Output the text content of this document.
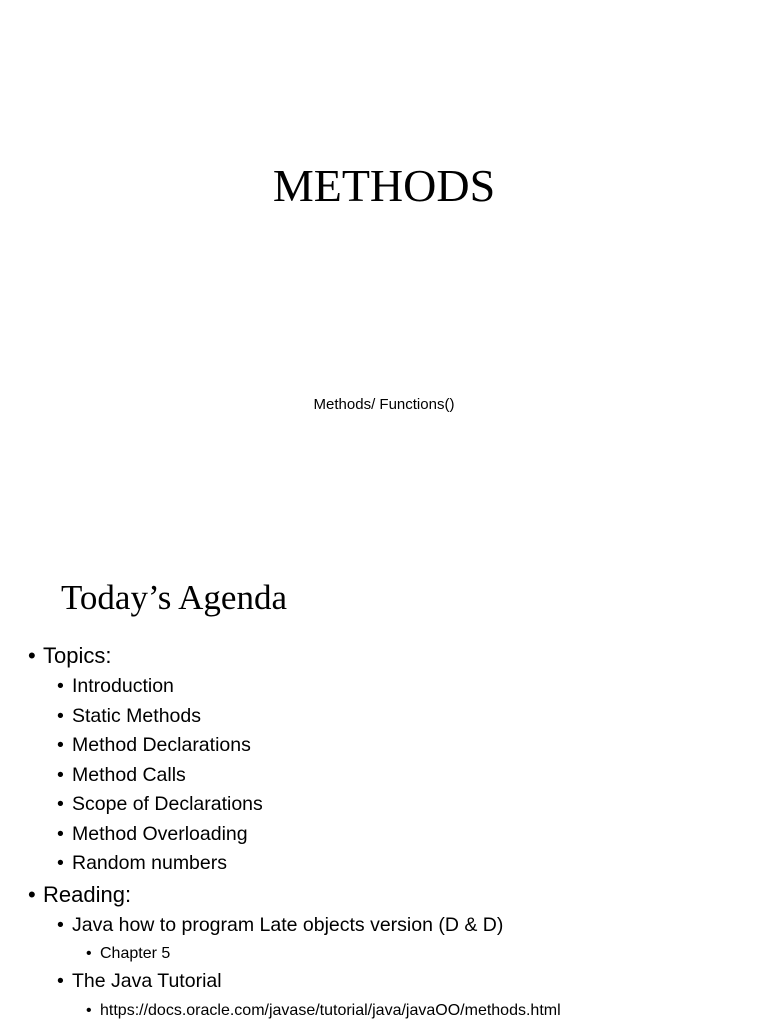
METHODS
Methods/ Functions()
Today’s Agenda
• Topics:
• Introduction
• Static Methods
• Method Declarations
• Method Calls
• Scope of Declarations
• Method Overloading
• Random numbers
• Reading:
• Java how to program Late objects version (D & D)
• Chapter 5
• The Java Tutorial
• https://docs.oracle.com/javase/tutorial/java/javaOO/methods.html
